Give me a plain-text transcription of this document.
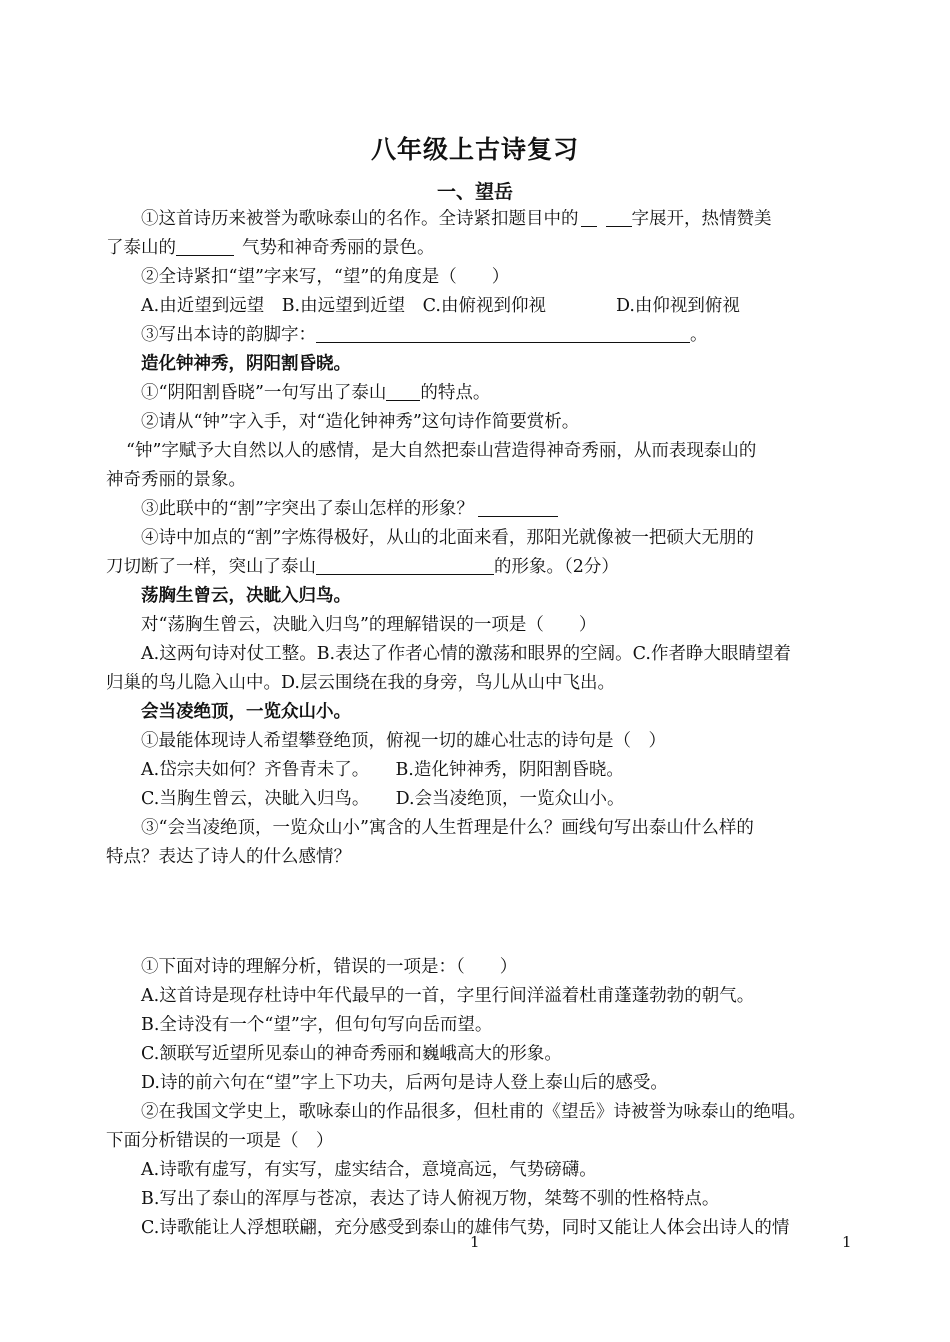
八年级上古诗复习
一、望岳

①这首诗历来被誉为歌咏泰山的名作。全诗紧扣题目中的	字展开，热情赞美

了泰山的	气势和神奇秀丽的景色。

②全诗紧扣“望”字来写，“望”的角度是（　　）

A.由近望到远望　B.由远望到近望　C.由俯视到仰视　　　　D.由仰视到俯视

③写出本诗的韵脚字：	。

造化钟神秀，阴阳割昏晓。

①“阴阳割昏晓”一句写出了泰山 的特点。

②请从“钟”字入手，对“造化钟神秀”这句诗作简要赏析。

“钟”字赋予大自然以人的感情，是大自然把泰山营造得神奇秀丽，从而表现泰山的

神奇秀丽的景象。

③此联中的“割”字突出了泰山怎样的形象？

④诗中加点的“割”字炼得极好，从山的北面来看，那阳光就像被一把硕大无朋的

刀切断了一样，突山了泰山	的形象。（2分）

荡胸生曾云，决眦入归鸟。

对“荡胸生曾云，决眦入归鸟”的理解错误的一项是（　　）

A.这两句诗对仗工整。B.表达了作者心情的激荡和眼界的空阔。C.作者睁大眼睛望着

归巢的鸟儿隐入山中。D.层云围绕在我的身旁，鸟儿从山中飞出。

会当凌绝顶，一览众山小。

①最能体现诗人希望攀登绝顶，俯视一切的雄心壮志的诗句是（　）

A.岱宗夫如何？齐鲁青未了。　　B.造化钟神秀，阴阳割昏晓。

C.当胸生曾云，决眦入归鸟。　　D.会当凌绝顶，一览众山小。

③“会当凌绝顶，一览众山小”寓含的人生哲理是什么？画线句写出泰山什么样的

特点？表达了诗人的什么感情？

①下面对诗的理解分析，错误的一项是：（　　）

A.这首诗是现存杜诗中年代最早的一首，字里行间洋溢着杜甫蓬蓬勃勃的朝气。

B.全诗没有一个“望”字，但句句写向岳而望。

C.颔联写近望所见泰山的神奇秀丽和巍峨高大的形象。

D.诗的前六句在“望”字上下功夫，后两句是诗人登上泰山后的感受。

②在我国文学史上，歌咏泰山的作品很多，但杜甫的《望岳》诗被誉为咏泰山的绝唱。

下面分析错误的一项是（　）

A.诗歌有虚写，有实写，虚实结合，意境高远，气势磅礴。

B.写出了泰山的浑厚与苍凉，表达了诗人俯视万物，桀骜不驯的性格特点。

C.诗歌能让人浮想联翩，充分感受到泰山的雄伟气势，同时又能让人体会出诗人的情

1	1
